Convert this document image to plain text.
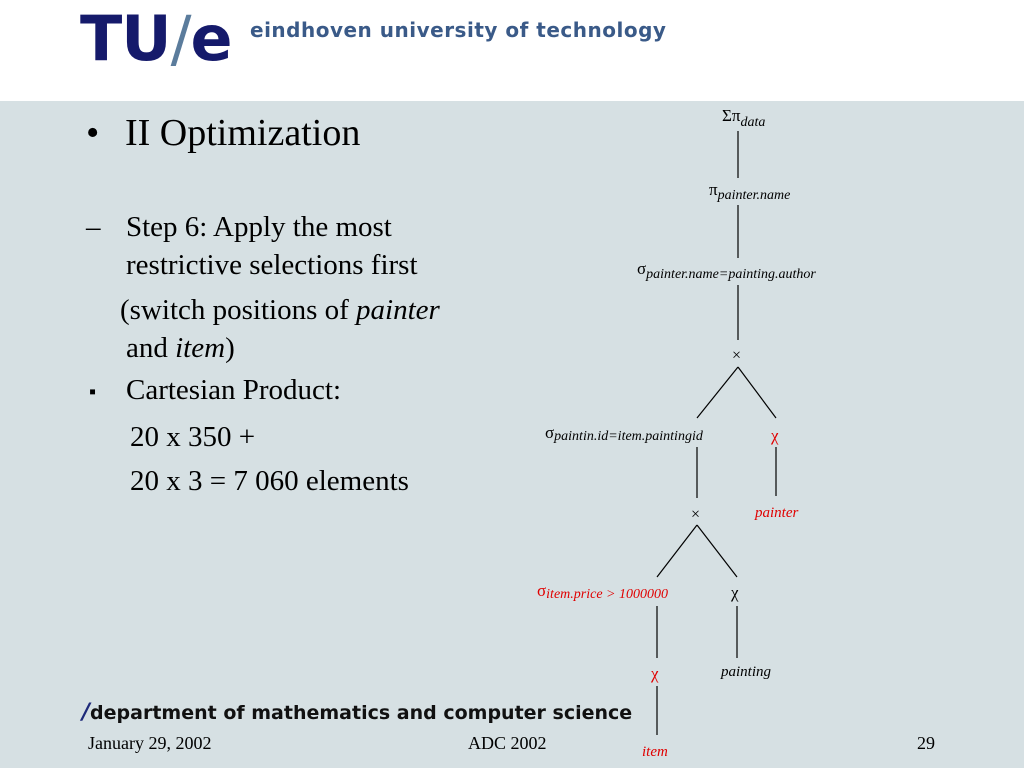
TU/e eindhoven university of technology
• II Optimization
– Step 6: Apply the most
restrictive selections first
(switch positions of painter
and item)
▪ Cartesian Product:
20 x 350 +
20 x 3 = 7 060 elements
$\Sigma\pi_{data}$
$\pi_{painter.name}$
$\sigma_{painter.name=painting.author}$
×
σpaintin.id=item.paintingid	χ
painter
×
σitem.price > 1000000	χ
painting
χ
item
/department of mathematics and computer science
January 29, 2002	ADC 2002	29
